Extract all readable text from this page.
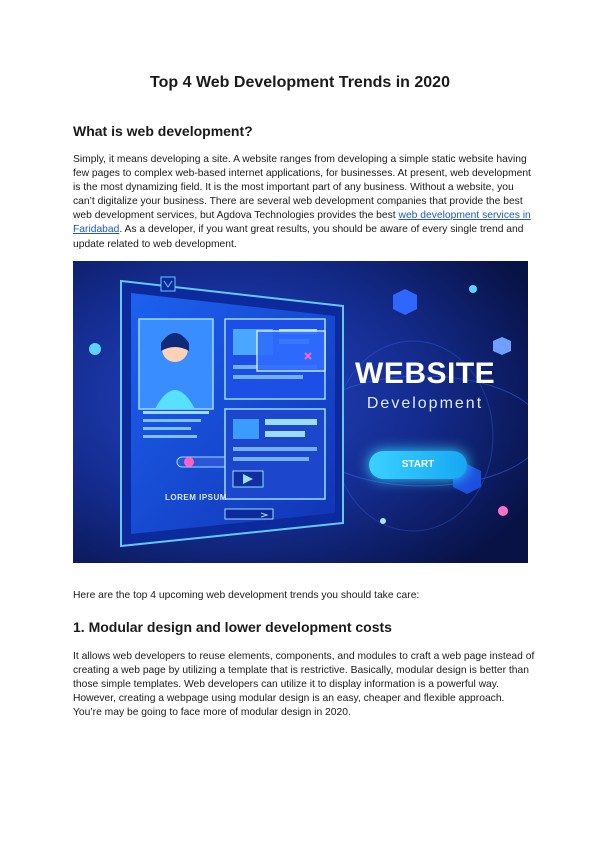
Top 4 Web Development Trends in 2020
What is web development?
Simply, it means developing a site. A website ranges from developing a simple static website having few pages to complex web-based internet applications, for businesses. At present, web development is the most dynamizing field. It is the most important part of any business. Without a website, you can’t digitalize your business. There are several web development companies that provide the best web development services, but Agdova Technologies provides the best web development services in Faridabad. As a developer, if you want great results, you should be aware of every single trend and update related to web development.
WEBSITE
Development
START
LOREM IPSUM
Here are the top 4 upcoming web development trends you should take care:
1. Modular design and lower development costs
It allows web developers to reuse elements, components, and modules to craft a web page instead of creating a web page by utilizing a template that is restrictive. Basically, modular design is better than those simple templates. Web developers can utilize it to display information is a powerful way. However, creating a webpage using modular design is an easy, cheaper and flexible approach. You’re may be going to face more of modular design in 2020.
